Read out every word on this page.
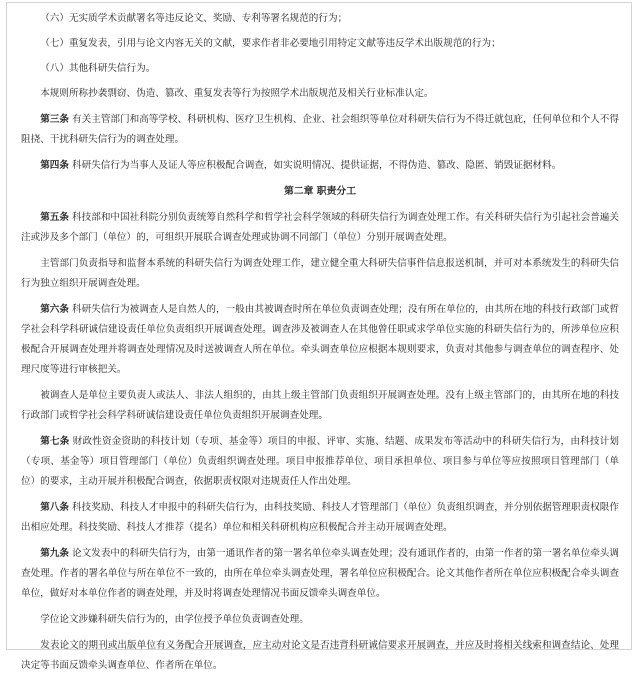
（六）无实质学术贡献署名等违反论文、奖励、专利等署名规范的行为；

（七）重复发表，引用与论文内容无关的文献，要求作者非必要地引用特定文献等违反学术出版规范的行为；

（八）其他科研失信行为。

本规则所称抄袭剽窃、伪造、篡改、重复发表等行为按照学术出版规范及相关行业标准认定。

第三条 有关主管部门和高等学校、科研机构、医疗卫生机构、企业、社会组织等单位对科研失信行为不得迁就包庇，任何单位和个人不得阻挠、干扰科研失信行为的调查处理。

第四条 科研失信行为当事人及证人等应积极配合调查，如实说明情况、提供证据，不得伪造、篡改、隐匿、销毁证据材料。

第二章 职责分工

第五条 科技部和中国社科院分别负责统筹自然科学和哲学社会科学领域的科研失信行为调查处理工作。有关科研失信行为引起社会普遍关注或涉及多个部门（单位）的，可组织开展联合调查处理或协调不同部门（单位）分别开展调查处理。

主管部门负责指导和监督本系统的科研失信行为调查处理工作，建立健全重大科研失信事件信息报送机制，并可对本系统发生的科研失信行为独立组织开展调查处理。

第六条 科研失信行为被调查人是自然人的，一般由其被调查时所在单位负责调查处理；没有所在单位的，由其所在地的科技行政部门或哲学社会科学科研诚信建设责任单位负责组织开展调查处理。调查涉及被调查人在其他曾任职或求学单位实施的科研失信行为的，所涉单位应积极配合开展调查处理并将调查处理情况及时送被调查人所在单位。牵头调查单位应根据本规则要求，负责对其他参与调查单位的调查程序、处理尺度等进行审核把关。

被调查人是单位主要负责人或法人、非法人组织的，由其上级主管部门负责组织开展调查处理。没有上级主管部门的，由其所在地的科技行政部门或哲学社会科学科研诚信建设责任单位负责组织开展调查处理。

第七条 财政性资金资助的科技计划（专项、基金等）项目的申报、评审、实施、结题、成果发布等活动中的科研失信行为，由科技计划（专项、基金等）项目管理部门（单位）负责组织调查处理。项目申报推荐单位、项目承担单位、项目参与单位等应按照项目管理部门（单位）的要求，主动开展并积极配合调查，依据职责权限对违规责任人作出处理。

第八条 科技奖励、科技人才申报中的科研失信行为，由科技奖励、科技人才管理部门（单位）负责组织调查，并分别依据管理职责权限作出相应处理。科技奖励、科技人才推荐（提名）单位和相关科研机构应积极配合并主动开展调查处理。

第九条 论文发表中的科研失信行为，由第一通讯作者的第一署名单位牵头调查处理；没有通讯作者的，由第一作者的第一署名单位牵头调查处理。作者的署名单位与所在单位不一致的，由所在单位牵头调查处理，署名单位应积极配合。论文其他作者所在单位应积极配合牵头调查单位，做好对本单位作者的调查处理，并及时将调查处理情况书面反馈牵头调查单位。

学位论文涉嫌科研失信行为的，由学位授予单位负责调查处理。

发表论文的期刊或出版单位有义务配合开展调查，应主动对论文是否违背科研诚信要求开展调查，并应及时将相关线索和调查结论、处理决定等书面反馈牵头调查单位、作者所在单位。
